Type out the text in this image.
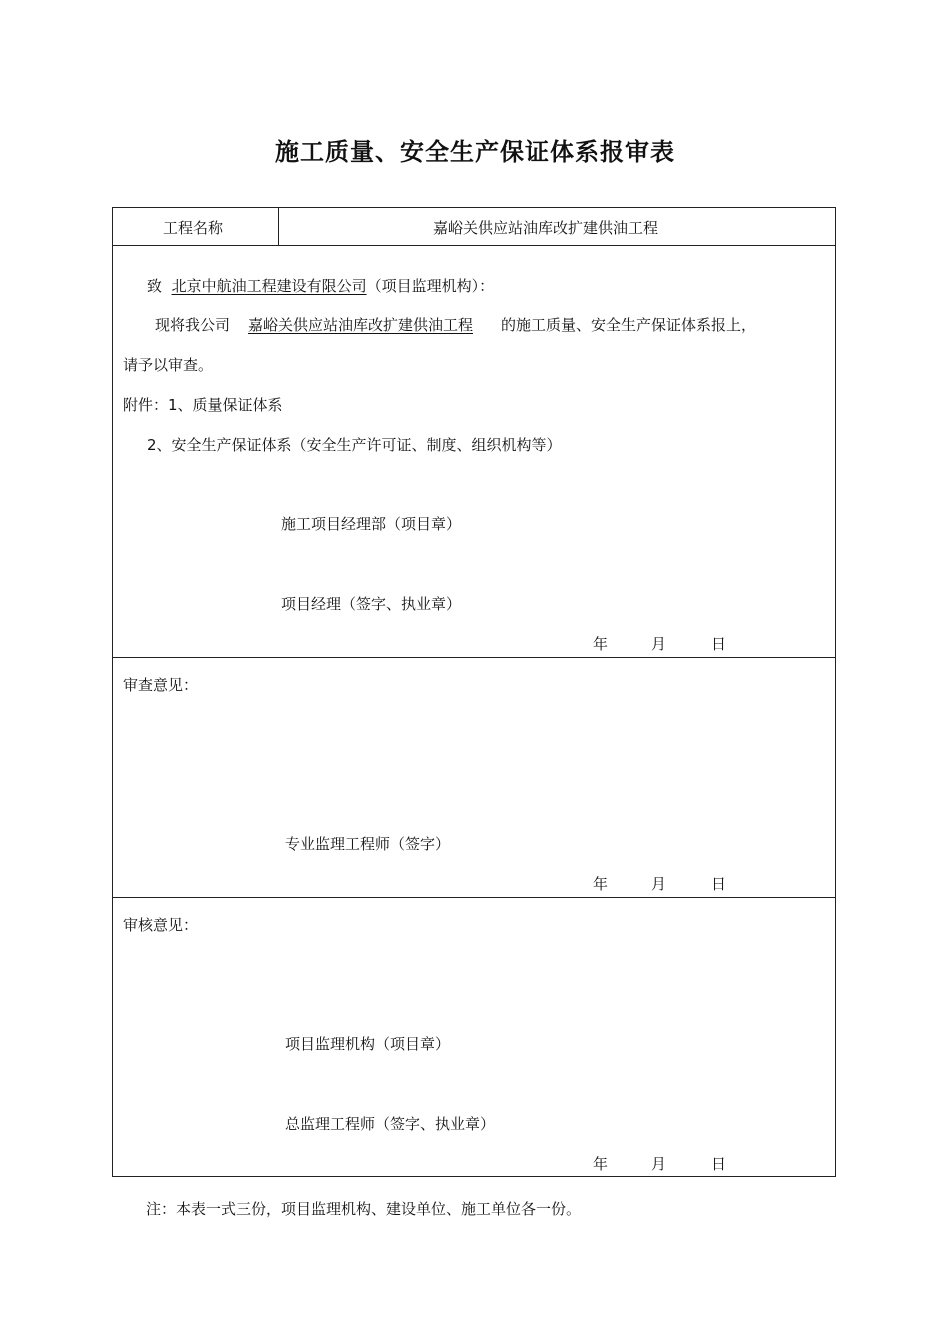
施工质量、安全生产保证体系报审表
工程名称	嘉峪关供应站油库改扩建供油工程
致 北京中航油工程建设有限公司（项目监理机构）：
现将我公司 嘉峪关供应站油库改扩建供油工程 的施工质量、安全生产保证体系报上，
请予以审查。
附件：1、质量保证体系
2、安全生产保证体系（安全生产许可证、制度、组织机构等）
施工项目经理部（项目章）
项目经理（签字、执业章）
年	月	日
审查意见：
专业监理工程师（签字）
年	月	日
审核意见：
项目监理机构（项目章）
总监理工程师（签字、执业章）
年	月	日
注：本表一式三份，项目监理机构、建设单位、施工单位各一份。
